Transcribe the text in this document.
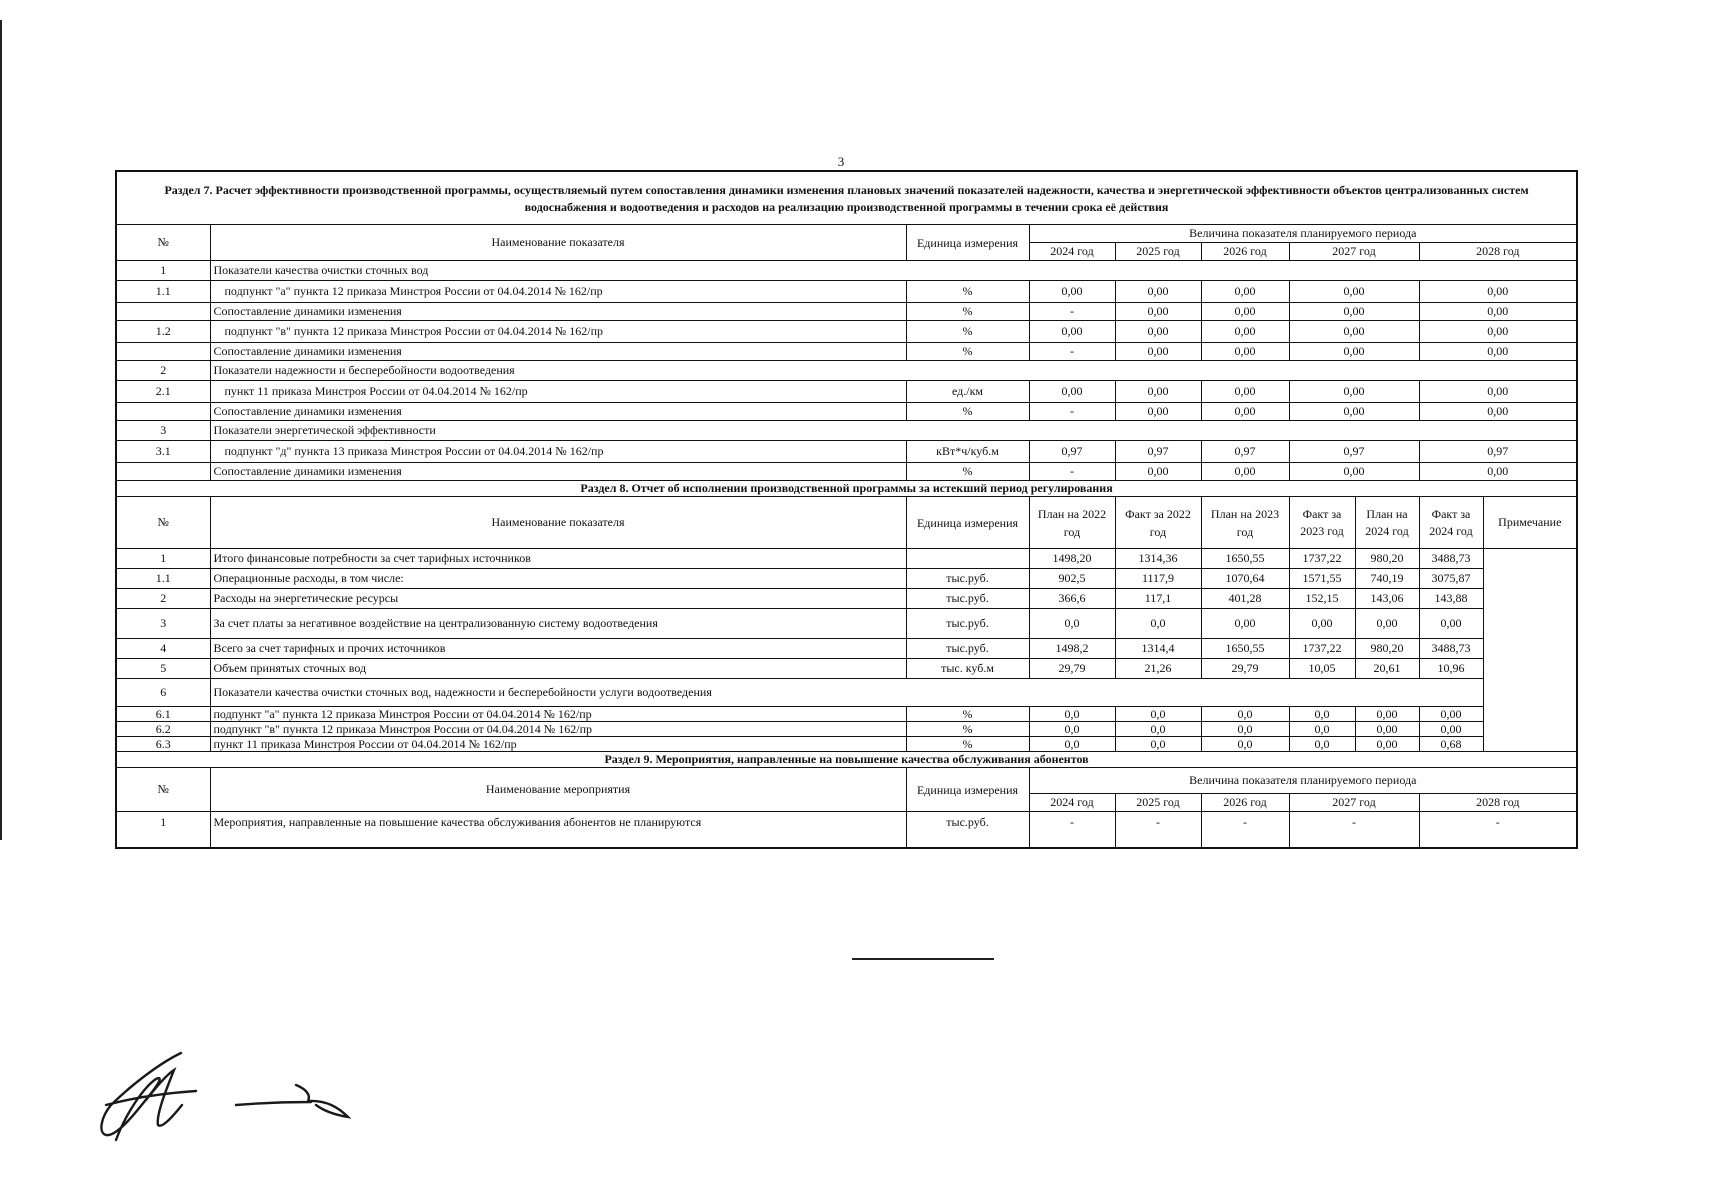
3
Раздел 7. Расчет эффективности производственной программы, осуществляемый путем сопоставления динамики изменения плановых значений показателей надежности, качества и энергетической эффективности объектов централизованных систем водоснабжения и водоотведения и расходов на реализацию производственной программы в течении срока её действия									
№	Наименование показателя	Единица измерения	Величина показателя планируемого периода						
			2024 год	2025 год	2026 год	2027 год		2028 год	
1	Показатели качества очистки сточных вод								
1.1	подпункт "а" пункта 12 приказа Минстроя России от 04.04.2014 № 162/пр	%	0,00	0,00	0,00	0,00		0,00	
	Сопоставление динамики изменения	%	-	0,00	0,00	0,00		0,00	
1.2	подпункт "в" пункта 12 приказа Минстроя России от 04.04.2014 № 162/пр	%	0,00	0,00	0,00	0,00		0,00	
	Сопоставление динамики изменения	%	-	0,00	0,00	0,00		0,00	
2	Показатели надежности и бесперебойности водоотведения								
2.1	пункт 11 приказа Минстроя России от 04.04.2014 № 162/пр	ед./км	0,00	0,00	0,00	0,00		0,00	
	Сопоставление динамики изменения	%	-	0,00	0,00	0,00		0,00	
3	Показатели энергетической эффективности								
3.1	подпункт "д" пункта 13 приказа Минстроя России от 04.04.2014 № 162/пр	кВт*ч/куб.м	0,97	0,97	0,97	0,97		0,97	
	Сопоставление динамики изменения	%	-	0,00	0,00	0,00		0,00	
Раздел 8. Отчет об исполнении производственной программы за истекший период регулирования									
№	Наименование показателя	Единица измерения	План на 2022 год	Факт за 2022 год	План на 2023 год	Факт за 2023 год	План на 2024 год	Факт за 2024 год	Примечание
1	Итого финансовые потребности за счет тарифных источников		1498,20	1314,36	1650,55	1737,22	980,20	3488,73	
1.1	Операционные расходы, в том числе:	тыс.руб.	902,5	1117,9	1070,64	1571,55	740,19	3075,87	
2	Расходы на энергетические ресурсы	тыс.руб.	366,6	117,1	401,28	152,15	143,06	143,88	
3	За счет платы за негативное воздействие на централизованную систему водоотведения	тыс.руб.	0,0	0,0	0,00	0,00	0,00	0,00	
4	Всего за счет тарифных и прочих источников	тыс.руб.	1498,2	1314,4	1650,55	1737,22	980,20	3488,73	
5	Объем принятых сточных вод	тыс. куб.м	29,79	21,26	29,79	10,05	20,61	10,96	
6	Показатели качества очистки сточных вод, надежности и бесперебойности услуги водоотведения								
6.1	подпункт "а" пункта 12 приказа Минстроя России от 04.04.2014 № 162/пр	%	0,0	0,0	0,0	0,0	0,00	0,00	
6.2	подпункт "в" пункта 12 приказа Минстроя России от 04.04.2014 № 162/пр	%	0,0	0,0	0,0	0,0	0,00	0,00	
6.3	пункт 11 приказа Минстроя России от 04.04.2014 № 162/пр	%	0,0	0,0	0,0	0,0	0,00	0,68	
Раздел 9. Мероприятия, направленные на повышение качества обслуживания абонентов									
№	Наименование мероприятия	Единица измерения	Величина показателя планируемого периода						
			2024 год	2025 год	2026 год	2027 год		2028 год	
1	Мероприятия, направленные на повышение качества обслуживания абонентов не планируются	тыс.руб.	-	-	-	-		-	
